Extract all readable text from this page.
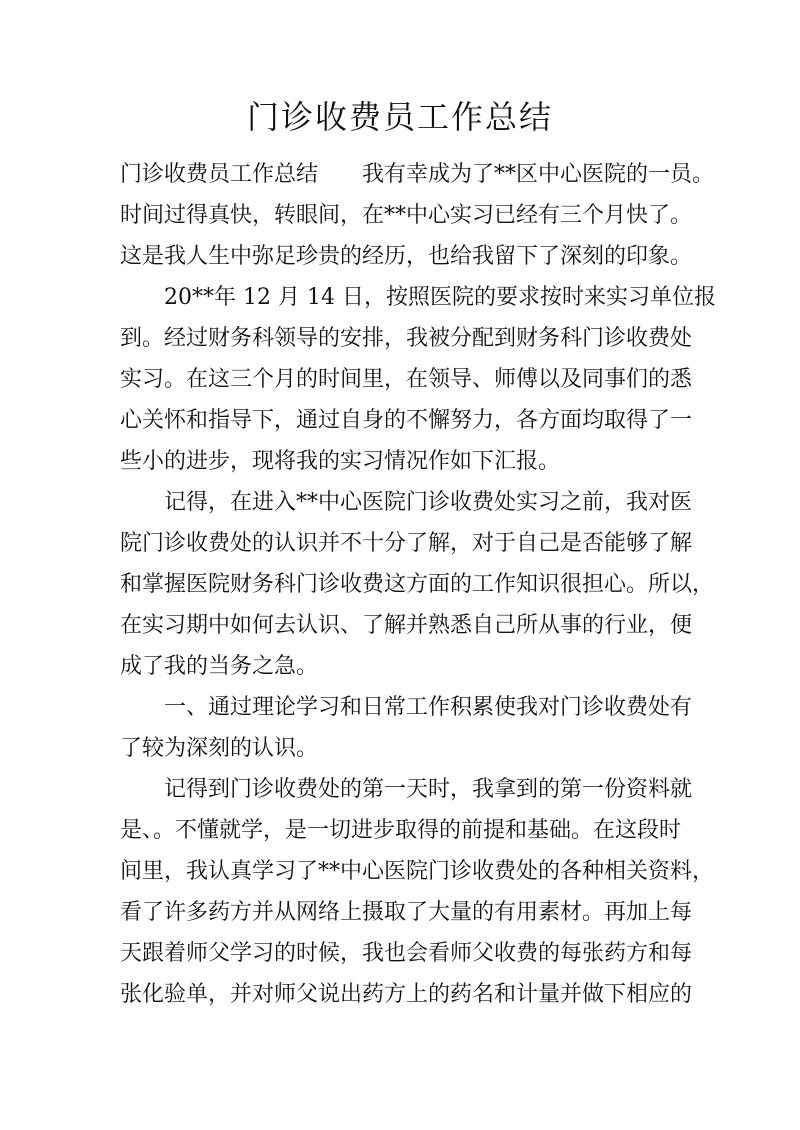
门诊收费员工作总结
门诊收费员工作总结　　我有幸成为了**区中心医院的一员。
时间过得真快，转眼间，在**中心实习已经有三个月快了。
这是我人生中弥足珍贵的经历，也给我留下了深刻的印象。
　　20**年 12 月 14 日，按照医院的要求按时来实习单位报
到。经过财务科领导的安排，我被分配到财务科门诊收费处
实习。在这三个月的时间里，在领导、师傅以及同事们的悉
心关怀和指导下，通过自身的不懈努力，各方面均取得了一
些小的进步，现将我的实习情况作如下汇报。
　　记得，在进入**中心医院门诊收费处实习之前，我对医
院门诊收费处的认识并不十分了解，对于自己是否能够了解
和掌握医院财务科门诊收费这方面的工作知识很担心。所以，
在实习期中如何去认识、了解并熟悉自己所从事的行业，便
成了我的当务之急。
　　一、通过理论学习和日常工作积累使我对门诊收费处有
了较为深刻的认识。
　　记得到门诊收费处的第一天时，我拿到的第一份资料就
是、。不懂就学，是一切进步取得的前提和基础。在这段时
间里，我认真学习了**中心医院门诊收费处的各种相关资料，
看了许多药方并从网络上摄取了大量的有用素材。再加上每
天跟着师父学习的时候，我也会看师父收费的每张药方和每
张化验单，并对师父说出药方上的药名和计量并做下相应的
